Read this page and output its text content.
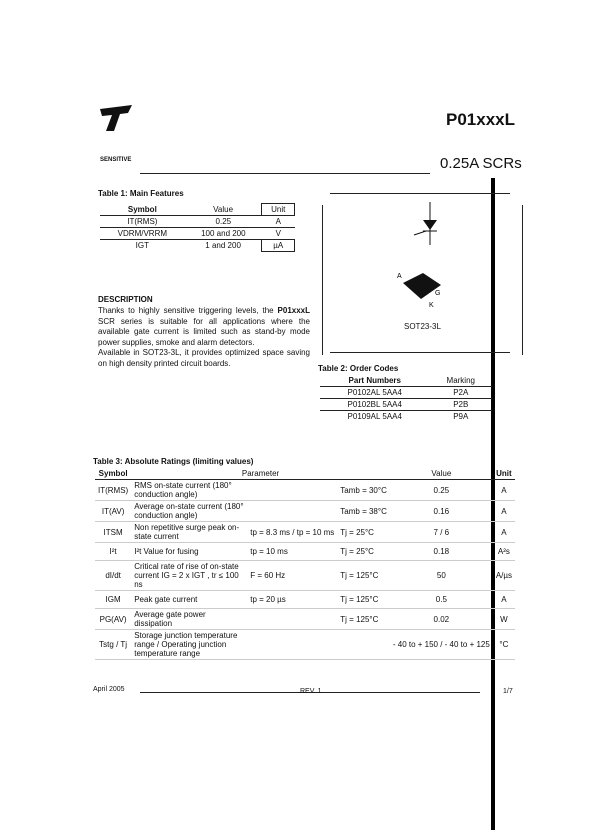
P01xxxL
SENSITIVE	0.25A SCRs
Table 1: Main Features
Symbol	Value	Unit
IT(RMS)	0.25	A
VDRM/VRRM	100 and 200	V
IGT	1 and 200	µA
DESCRIPTION

Thanks to highly sensitive triggering levels, the P01xxxL SCR series is suitable for all applications where the available gate current is limited such as stand-by mode power supplies, smoke and alarm detectors.

Available in SOT23-3L, it provides optimized space saving on high density printed circuit boards.

A
G
K
SOT23-3L
Table 2: Order Codes
Part Numbers	Marking
P0102AL 5AA4	P2A
P0102BL 5AA4	P2B
P0109AL 5AA4	P9A
Table 3: Absolute Ratings (limiting values)
Symbol	Parameter			Value	Unit
IT(RMS)	RMS on-state current (180° conduction angle)		Tamb = 30°C	0.25	A
IT(AV)	Average on-state current (180° conduction angle)		Tamb = 38°C	0.16	A
ITSM	Non repetitive surge peak on-state current	tp = 8.3 ms / tp = 10 ms	Tj = 25°C	7 / 6	A
I²t	I²t Value for fusing	tp = 10 ms	Tj = 25°C	0.18	A²s
dI/dt	Critical rate of rise of on-state current IG = 2 x IGT , tr ≤ 100 ns	F = 60 Hz	Tj = 125°C	50	A/µs
IGM	Peak gate current	tp = 20 µs	Tj = 125°C	0.5	A
PG(AV)	Average gate power dissipation		Tj = 125°C	0.02	W
Tstg / Tj	Storage junction temperature range / Operating junction temperature range			- 40 to + 150 / - 40 to + 125	°C
April 2005	REV. 1	1/7
